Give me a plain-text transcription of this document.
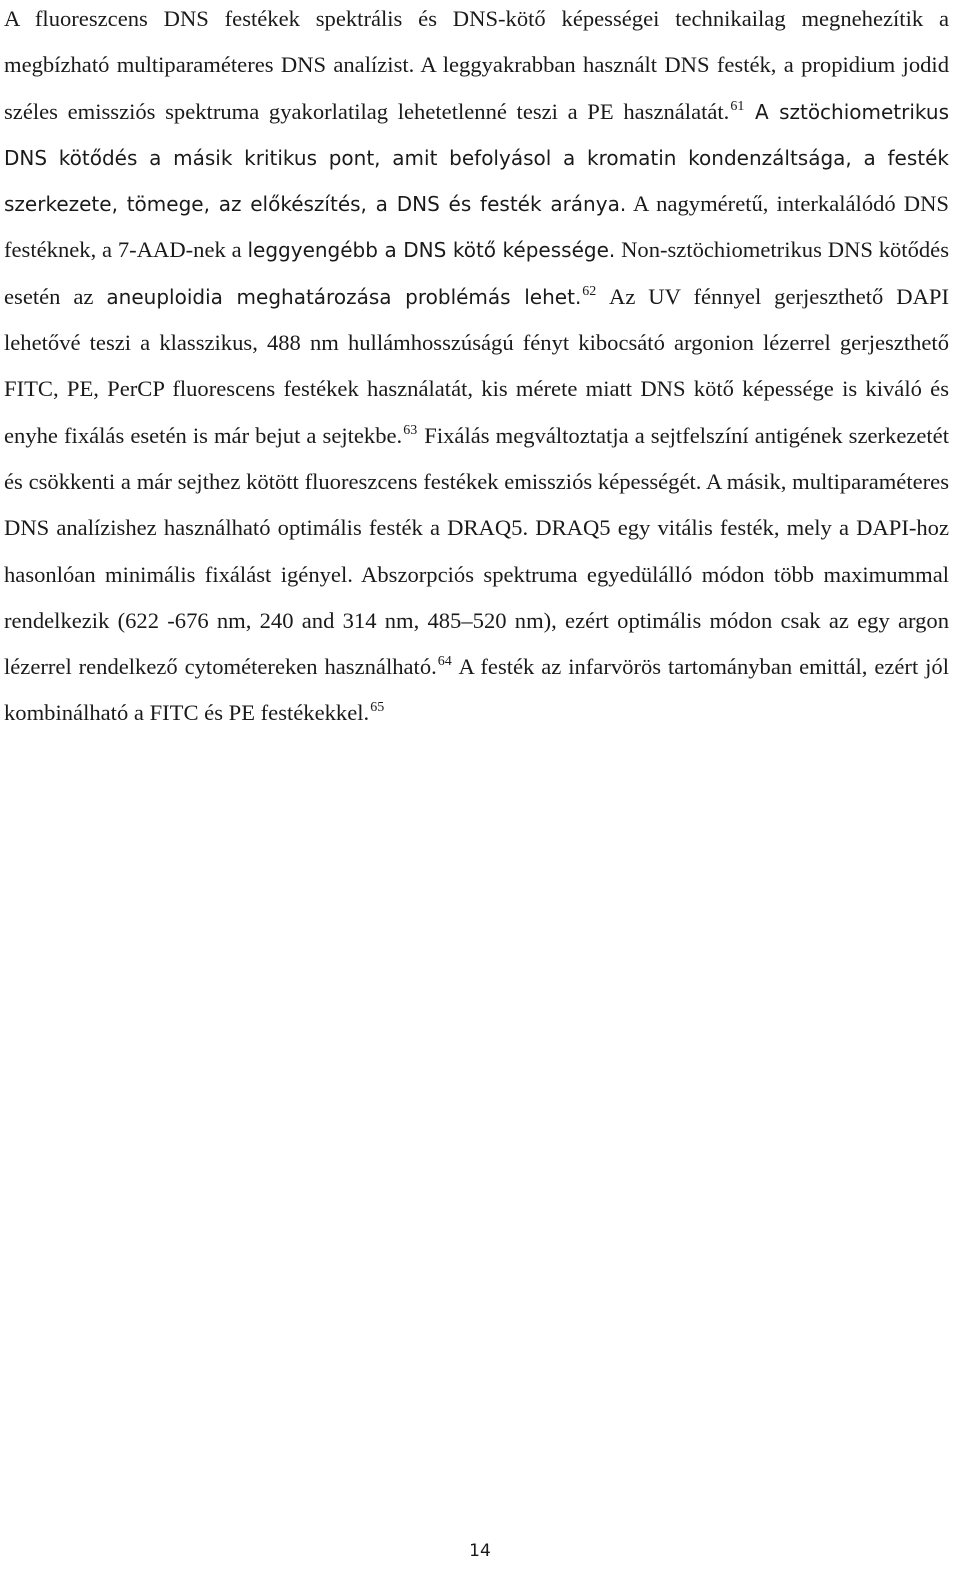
A fluoreszcens DNS festékek spektrális és DNS-kötő képességei technikailag megnehezítik a megbízható multiparaméteres DNS analízist. A leggyakrabban használt DNS festék, a propidium jodid széles emissziós spektruma gyakorlatilag lehetetlenné teszi a PE használatát.$^{61}$ A sztöchiometrikus DNS kötődés a másik kritikus pont, amit befolyásol a kromatin kondenzáltsága, a festék szerkezete, tömege, az előkészítés, a DNS és festék aránya. A nagyméretű, interkalálódó DNS festéknek, a 7-AAD-nek a leggyengébb a DNS kötő képessége. Non-sztöchiometrikus DNS kötődés esetén az aneuploidia meghatározása problémás lehet.$^{62}$ Az UV fénnyel gerjeszthető DAPI lehetővé teszi a klasszikus, 488 nm hullámhosszúságú fényt kibocsátó argonion lézerrel gerjeszthető FITC, PE, PerCP fluorescens festékek használatát, kis mérete miatt DNS kötő képessége is kiváló és enyhe fixálás esetén is már bejut a sejtekbe.$^{63}$ Fixálás megváltoztatja a sejtfelszíní antigének szerkezetét és csökkenti a már sejthez kötött fluoreszcens festékek emissziós képességét. A másik, multiparaméteres DNS analízishez használható optimális festék a DRAQ5. DRAQ5 egy vitális festék, mely a DAPI-hoz hasonlóan minimális fixálást igényel. Abszorpciós spektruma egyedülálló módon több maximummal rendelkezik (622 -676 nm, 240 and 314 nm, 485–520 nm), ezért optimális módon csak az egy argon lézerrel rendelkező cytométereken használható.$^{64}$ A festék az infarvörös tartományban emittál, ezért jól kombinálható a FITC és PE festékekkel.$^{65}$

14
